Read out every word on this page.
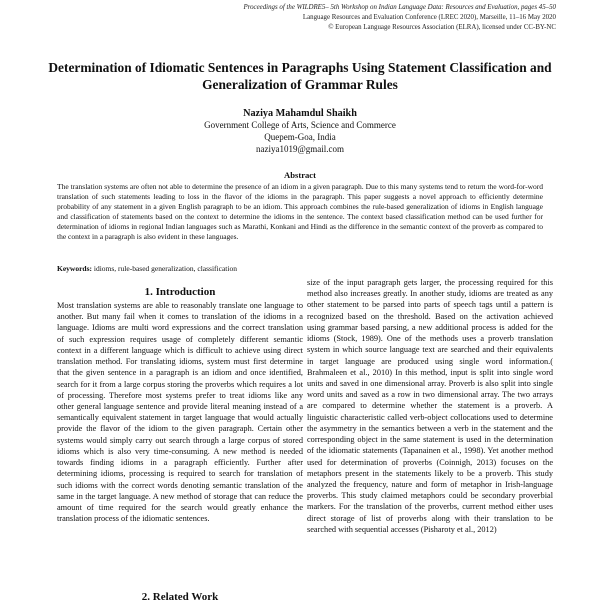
Proceedings of the WILDRE5– 5th Workshop on Indian Language Data: Resources and Evaluation, pages 45–50
Language Resources and Evaluation Conference (LREC 2020), Marseille, 11–16 May 2020
© European Language Resources Association (ELRA), licensed under CC-BY-NC
Determination of Idiomatic Sentences in Paragraphs Using Statement Classification and Generalization of Grammar Rules
Naziya Mahamdul Shaikh
Government College of Arts, Science and Commerce
Quepem-Goa, India
naziya1019@gmail.com
Abstract
The translation systems are often not able to determine the presence of an idiom in a given paragraph. Due to this many systems tend to return the word-for-word translation of such statements leading to loss in the flavor of the idioms in the paragraph. This paper suggests a novel approach to efficiently determine probability of any statement in a given English paragraph to be an idiom. This approach combines the rule-based generalization of idioms in English language and classification of statements based on the context to determine the idioms in the sentence. The context based classification method can be used further for determination of idioms in regional Indian languages such as Marathi, Konkani and Hindi as the difference in the semantic context of the proverb as compared to the context in a paragraph is also evident in these languages.
Keywords: idioms, rule-based generalization, classification
1. Introduction

Most translation systems are able to reasonably translate one language to another. But many fail when it comes to translation of the idioms in a language. Idioms are multi word expressions and the correct translation of such expression requires usage of completely different semantic context in a different language which is difficult to achieve using direct translation method. For translating idioms, system must first determine that the given sentence in a paragraph is an idiom and once identified, search for it from a large corpus storing the proverbs which requires a lot of processing. Therefore most systems prefer to treat idioms like any other general language sentence and provide literal meaning instead of a semantically equivalent statement in target language that would actually provide the flavor of the idiom to the given paragraph. Certain other systems would simply carry out search through a large corpus of stored idioms which is also very time-consuming. A new method is needed towards finding idioms in a paragraph efficiently. Further after determining idioms, processing is required to search for translation of such idioms with the correct words denoting semantic translation of the same in the target language. A new method of storage that can reduce the amount of time required for the search would greatly enhance the translation process of the idiomatic sentences.

2. Related Work

size of the input paragraph gets larger, the processing required for this method also increases greatly. In another study, idioms are treated as any other statement to be parsed into parts of speech tags until a pattern is recognized based on the threshold. Based on the activation achieved using grammar based parsing, a new additional process is added for the idioms (Stock, 1989). One of the methods uses a proverb translation system in which source language text are searched and their equivalents in target language are produced using single word information.( Brahmaleen et al., 2010) In this method, input is split into single word units and saved in one dimensional array. Proverb is also split into single word units and saved as a row in two dimensional array. The two arrays are compared to determine whether the statement is a proverb. A linguistic characteristic called verb-object collocations used to determine the asymmetry in the semantics between a verb in the statement and the corresponding object in the same statement is used in the determination of the idiomatic statements (Tapanainen et al., 1998). Yet another method used for determination of proverbs (Coinnigh, 2013) focuses on the metaphors present in the statements likely to be a proverb. This study analyzed the frequency, nature and form of metaphor in Irish-language proverbs. This study claimed metaphors could be secondary proverbial markers. For the translation of the proverbs, current method either uses direct storage of list of proverbs along with their translation to be searched with sequential accesses (Pisharoty et al., 2012)
